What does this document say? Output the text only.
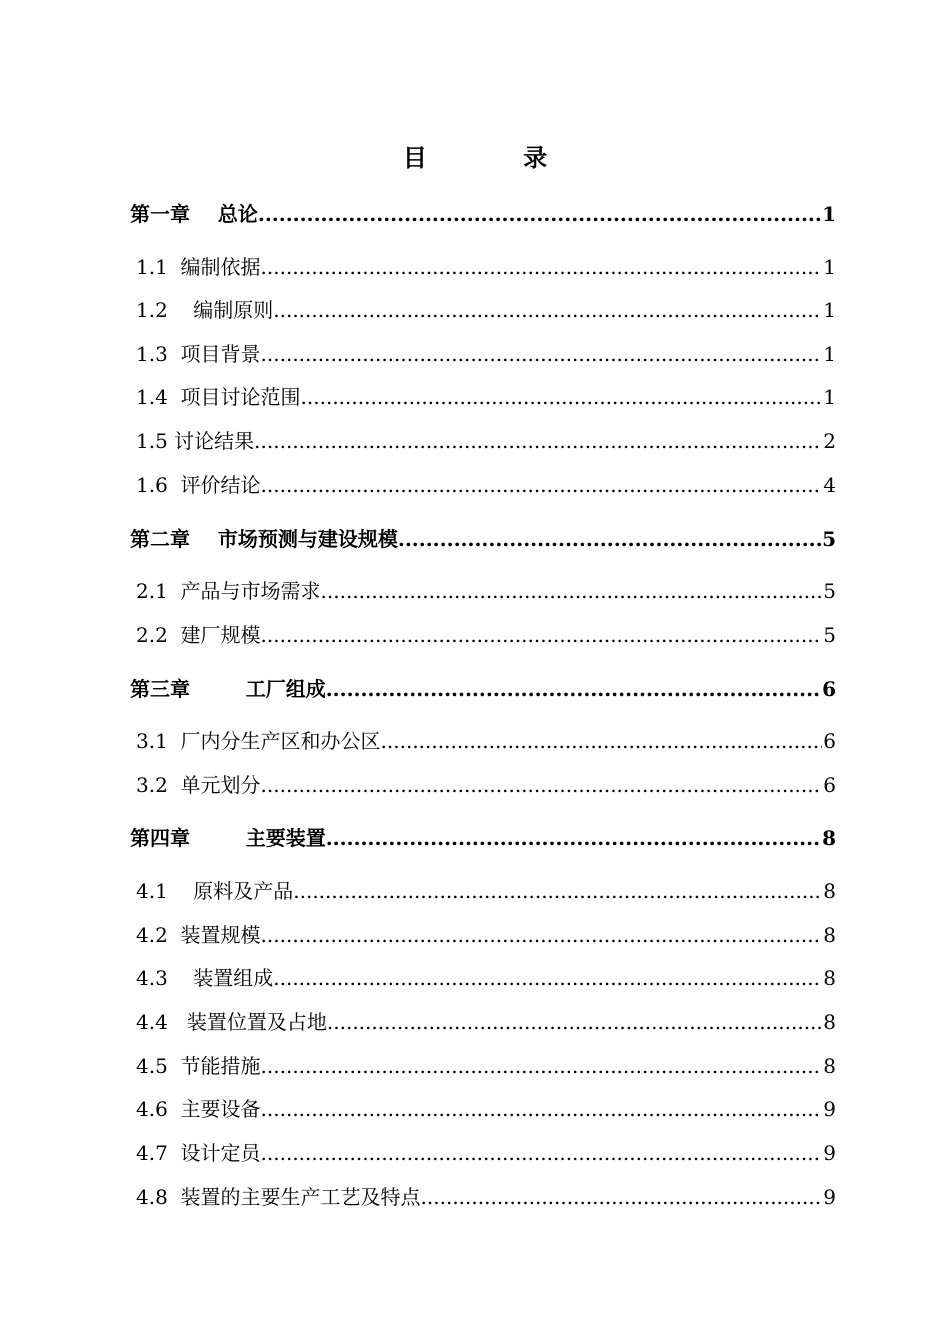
目 录
第一章    总论 .....	1
1.1  编制依据 .....	1
1.2    编制原则 .....	1
1.3  项目背景 .....	1
1.4  项目讨论范围 .....	1
1.5 讨论结果 .....	2
1.6  评价结论 .....	4
第二章    市场预测与建设规模 .....	5
2.1  产品与市场需求 .....	5
2.2  建厂规模 .....	5
第三章        工厂组成 .....	6
3.1  厂内分生产区和办公区 .....	6
3.2  单元划分 .....	6
第四章        主要装置 .....	8
4.1    原料及产品 .....	8
4.2  装置规模 .....	8
4.3    装置组成 .....	8
4.4   装置位置及占地 .....	8
4.5  节能措施 .....	8
4.6  主要设备 .....	9
4.7  设计定员 .....	9
4.8  装置的主要生产工艺及特点 .....	9
